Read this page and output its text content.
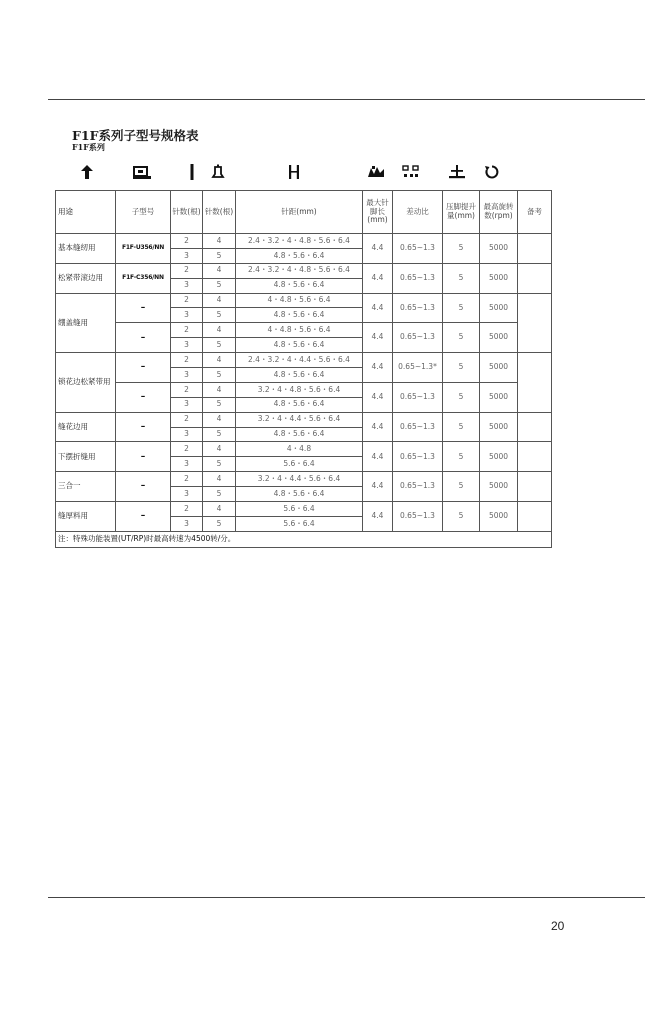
F1F系列子型号规格表
F1F系列
用途	子型号	针数(根)	针数(根)	针距(mm)	最大针脚长(mm)	差动比	压脚提升量(mm)	最高旋转数(rpm)	备考
基本缝纫用	F1F-U356/NN	2	4	2.4・3.2・4・4.8・5.6・6.4	4.4	0.65~1.3	5	5000	
		3	5	4.8・5.6・6.4					
松紧带滚边用	F1F-C356/NN	2	4	2.4・3.2・4・4.8・5.6・6.4	4.4	0.65~1.3	5	5000	
		3	5	4.8・5.6・6.4					
绷盖缝用	–	2	4	4・4.8・5.6・6.4	4.4	0.65~1.3	5	5000	
		3	5	4.8・5.6・6.4					
	–	2	4	4・4.8・5.6・6.4	4.4	0.65~1.3	5	5000	
		3	5	4.8・5.6・6.4					
锁花边松紧带用	–	2	4	2.4・3.2・4・4.4・5.6・6.4	4.4	0.65~1.3*	5	5000	
		3	5	4.8・5.6・6.4					
	–	2	4	3.2・4・4.8・5.6・6.4	4.4	0.65~1.3	5	5000	
		3	5	4.8・5.6・6.4					
缝花边用	–	2	4	3.2・4・4.4・5.6・6.4	4.4	0.65~1.3	5	5000	
		3	5	4.8・5.6・6.4					
下摆折缝用	–	2	4	4・4.8	4.4	0.65~1.3	5	5000	
		3	5	5.6・6.4					
三合一	–	2	4	3.2・4・4.4・5.6・6.4	4.4	0.65~1.3	5	5000	
		3	5	4.8・5.6・6.4					
缝厚料用	–	2	4	5.6・6.4	4.4	0.65~1.3	5	5000	
		3	5	5.6・6.4					
注：特殊功能装置(UT/RP)时最高转速为4500转/分。									
20
